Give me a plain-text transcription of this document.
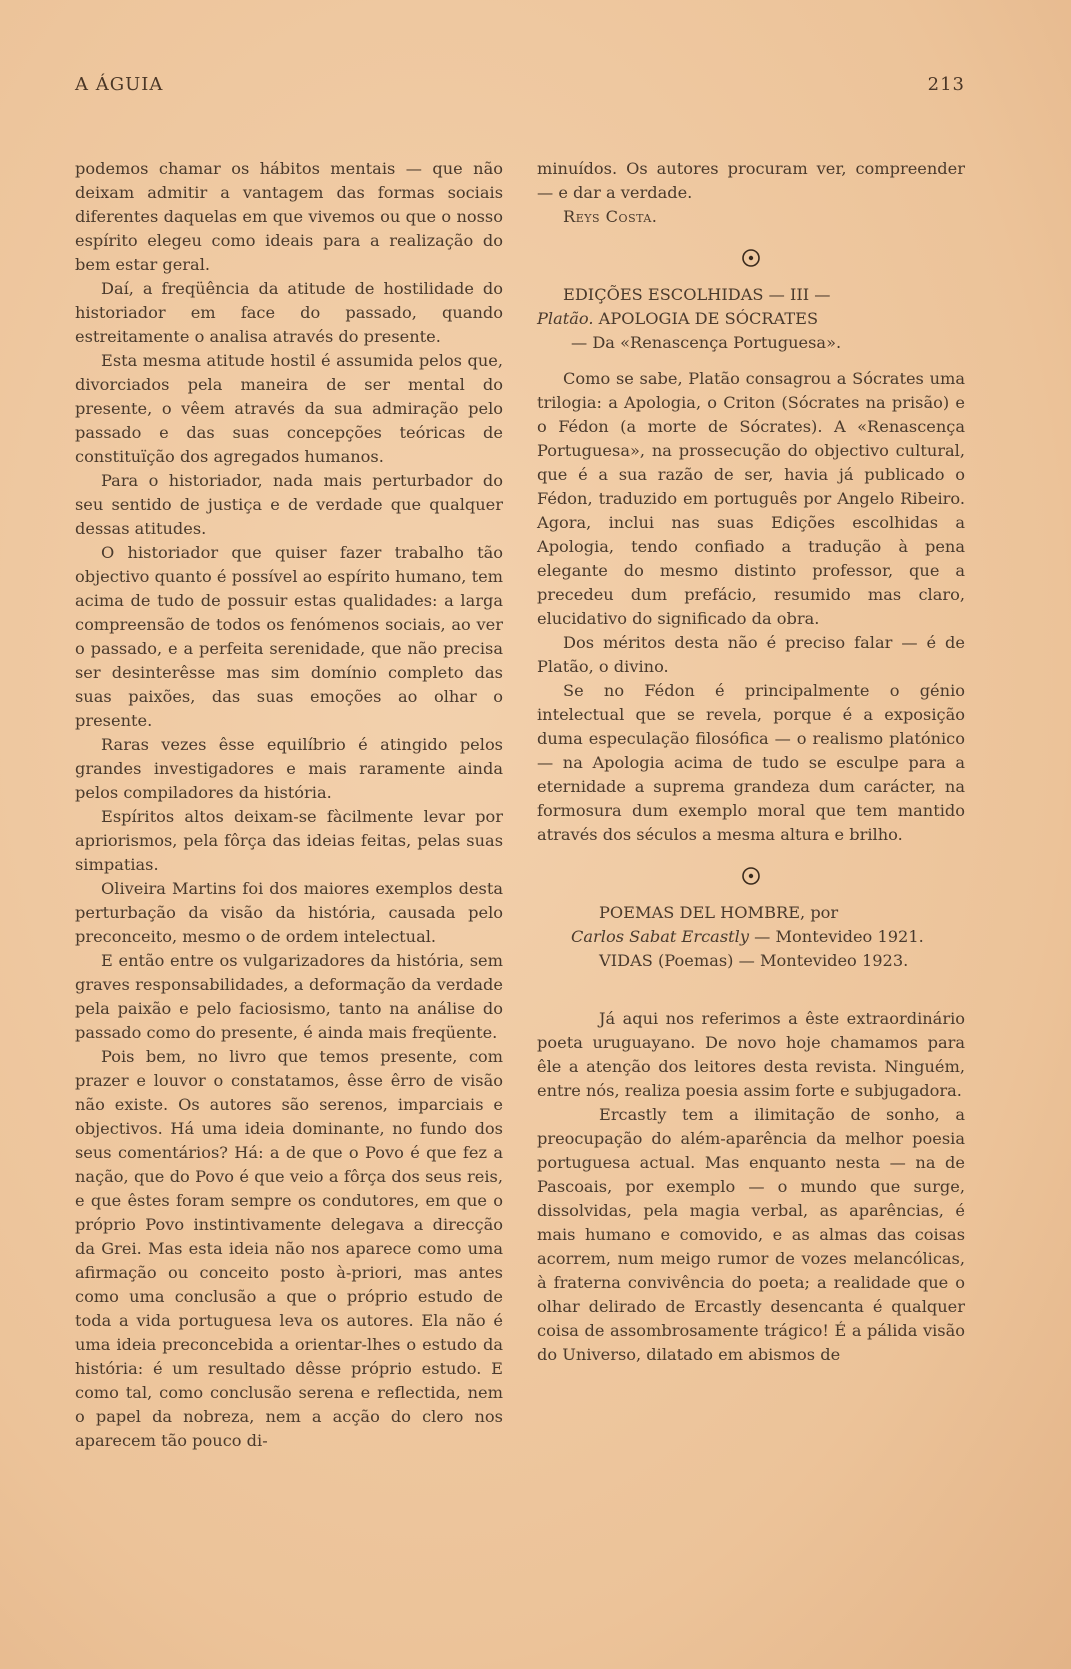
A ÁGUIA	213

podemos chamar os hábitos mentais — que não deixam admitir a vantagem das formas sociais diferentes daquelas em que vivemos ou que o nosso espírito elegeu como ideais para a realização do bem estar geral.

Daí, a freqüência da atitude de hostilidade do historiador em face do passado, quando estreitamente o analisa através do presente.

Esta mesma atitude hostil é assumida pelos que, divorciados pela maneira de ser mental do presente, o vêem através da sua admiração pelo passado e das suas concepções teóricas de constituïção dos agregados humanos.

Para o historiador, nada mais perturbador do seu sentido de justiça e de verdade que qualquer dessas atitudes.

O historiador que quiser fazer trabalho tão objectivo quanto é possível ao espírito humano, tem acima de tudo de possuir estas qualidades: a larga compreensão de todos os fenómenos sociais, ao ver o passado, e a perfeita serenidade, que não precisa ser desinterêsse mas sim domínio completo das suas paixões, das suas emoções ao olhar o presente.

Raras vezes êsse equilíbrio é atingido pelos grandes investigadores e mais raramente ainda pelos compiladores da história.

Espíritos altos deixam-se fàcilmente levar por apriorismos, pela fôrça das ideias feitas, pelas suas simpatias.

Oliveira Martins foi dos maiores exemplos desta perturbação da visão da história, causada pelo preconceito, mesmo o de ordem intelectual.

E então entre os vulgarizadores da história, sem graves responsabilidades, a deformação da verdade pela paixão e pelo faciosismo, tanto na análise do passado como do presente, é ainda mais freqüente.

Pois bem, no livro que temos presente, com prazer e louvor o constatamos, êsse êrro de visão não existe. Os autores são serenos, imparciais e objectivos. Há uma ideia dominante, no fundo dos seus comentários? Há: a de que o Povo é que fez a nação, que do Povo é que veio a fôrça dos seus reis, e que êstes foram sempre os condutores, em que o próprio Povo instintivamente delegava a direcção da Grei. Mas esta ideia não nos aparece como uma afirmação ou conceito posto à-priori, mas antes como uma conclusão a que o próprio estudo de toda a vida portuguesa leva os autores. Ela não é uma ideia preconcebida a orientar-lhes o estudo da história: é um resultado dêsse próprio estudo. E como tal, como conclusão serena e reflectida, nem o papel da nobreza, nem a acção do clero nos aparecem tão pouco di-

minuídos. Os autores procuram ver, compreender — e dar a verdade.

Reys Costa.

EDIÇÕES ESCOLHIDAS — III —

Platão. APOLOGIA DE SÓCRATES

— Da «Renascença Portuguesa».

Como se sabe, Platão consagrou a Sócrates uma trilogia: a Apologia, o Criton (Sócrates na prisão) e o Fédon (a morte de Sócrates). A «Renascença Portuguesa», na prossecução do objectivo cultural, que é a sua razão de ser, havia já publicado o Fédon, traduzido em português por Angelo Ribeiro. Agora, inclui nas suas Edições escolhidas a Apologia, tendo confiado a tradução à pena elegante do mesmo distinto professor, que a precedeu dum prefácio, resumido mas claro, elucidativo do significado da obra.

Dos méritos desta não é preciso falar — é de Platão, o divino.

Se no Fédon é principalmente o génio intelectual que se revela, porque é a exposição duma especulação filosófica — o realismo platónico — na Apologia acima de tudo se esculpe para a eternidade a suprema grandeza dum carácter, na formosura dum exemplo moral que tem mantido através dos séculos a mesma altura e brilho.

POEMAS DEL HOMBRE, por

Carlos Sabat Ercastly — Montevideo 1921.

VIDAS (Poemas) — Montevideo 1923.

Já aqui nos referimos a êste extraordinário poeta uruguayano. De novo hoje chamamos para êle a atenção dos leitores desta revista. Ninguém, entre nós, realiza poesia assim forte e subjugadora.

Ercastly tem a ilimitação de sonho, a preocupação do além-aparência da melhor poesia portuguesa actual. Mas enquanto nesta — na de Pascoais, por exemplo — o mundo que surge, dissolvidas, pela magia verbal, as aparências, é mais humano e comovido, e as almas das coisas acorrem, num meigo rumor de vozes melancólicas, à fraterna convivência do poeta; a realidade que o olhar delirado de Ercastly desencanta é qualquer coisa de assombrosamente trágico! É a pálida visão do Universo, dilatado em abismos de
